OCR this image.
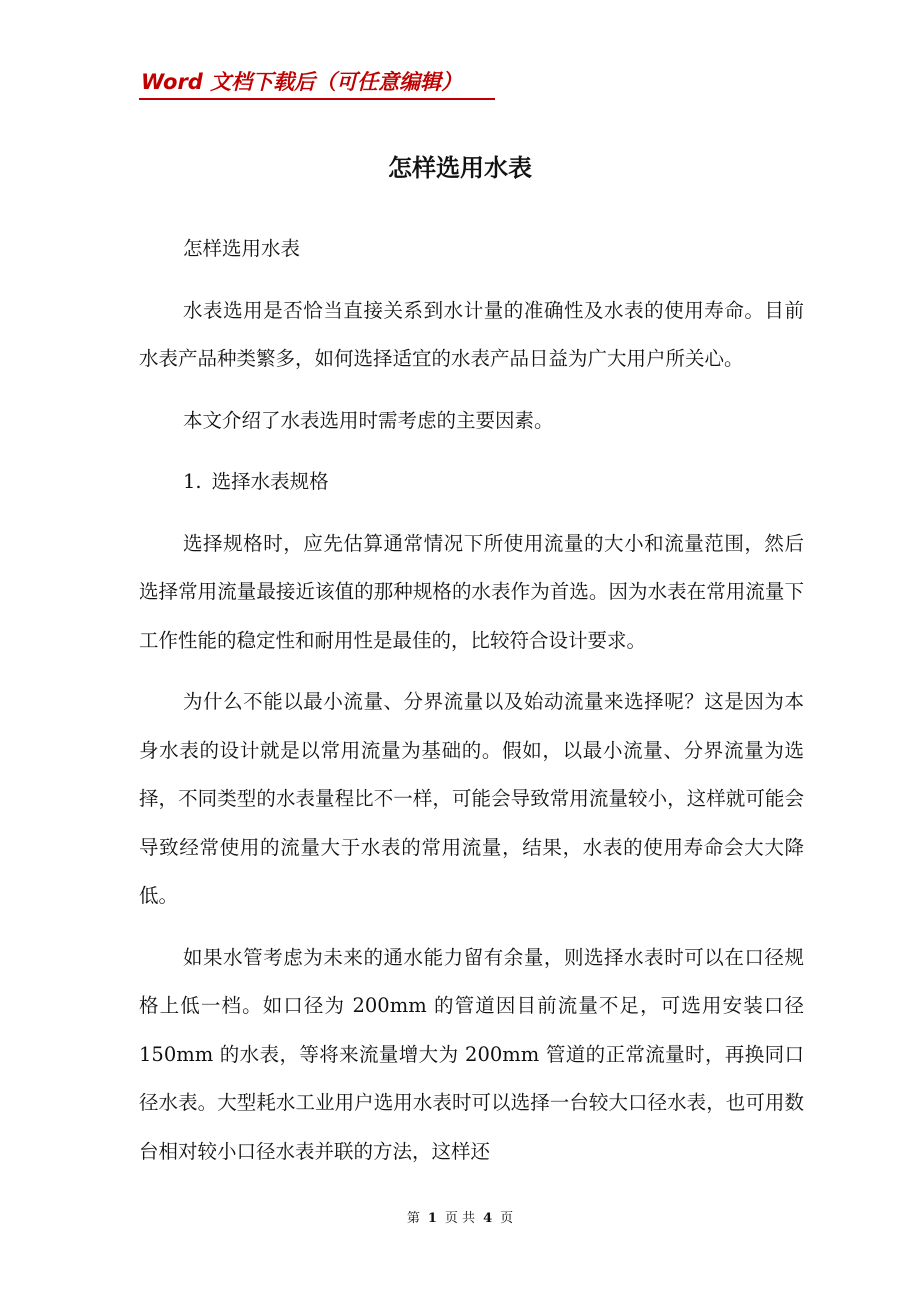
Word 文档下载后（可任意编辑）
怎样选用水表

怎样选用水表

水表选用是否恰当直接关系到水计量的准确性及水表的使用寿命。目前水表产品种类繁多，如何选择适宜的水表产品日益为广大用户所关心。

本文介绍了水表选用时需考虑的主要因素。

1. 选择水表规格

选择规格时，应先估算通常情况下所使用流量的大小和流量范围，然后选择常用流量最接近该值的那种规格的水表作为首选。因为水表在常用流量下工作性能的稳定性和耐用性是最佳的，比较符合设计要求。

为什么不能以最小流量、分界流量以及始动流量来选择呢？这是因为本身水表的设计就是以常用流量为基础的。假如，以最小流量、分界流量为选择，不同类型的水表量程比不一样，可能会导致常用流量较小，这样就可能会导致经常使用的流量大于水表的常用流量，结果，水表的使用寿命会大大降低。

如果水管考虑为未来的通水能力留有余量，则选择水表时可以在口径规格上低一档。如口径为 200mm 的管道因目前流量不足，可选用安装口径 150mm 的水表，等将来流量增大为 200mm 管道的正常流量时，再换同口径水表。大型耗水工业用户选用水表时可以选择一台较大口径水表，也可用数台相对较小口径水表并联的方法，这样还

第 1 页 共 4 页
